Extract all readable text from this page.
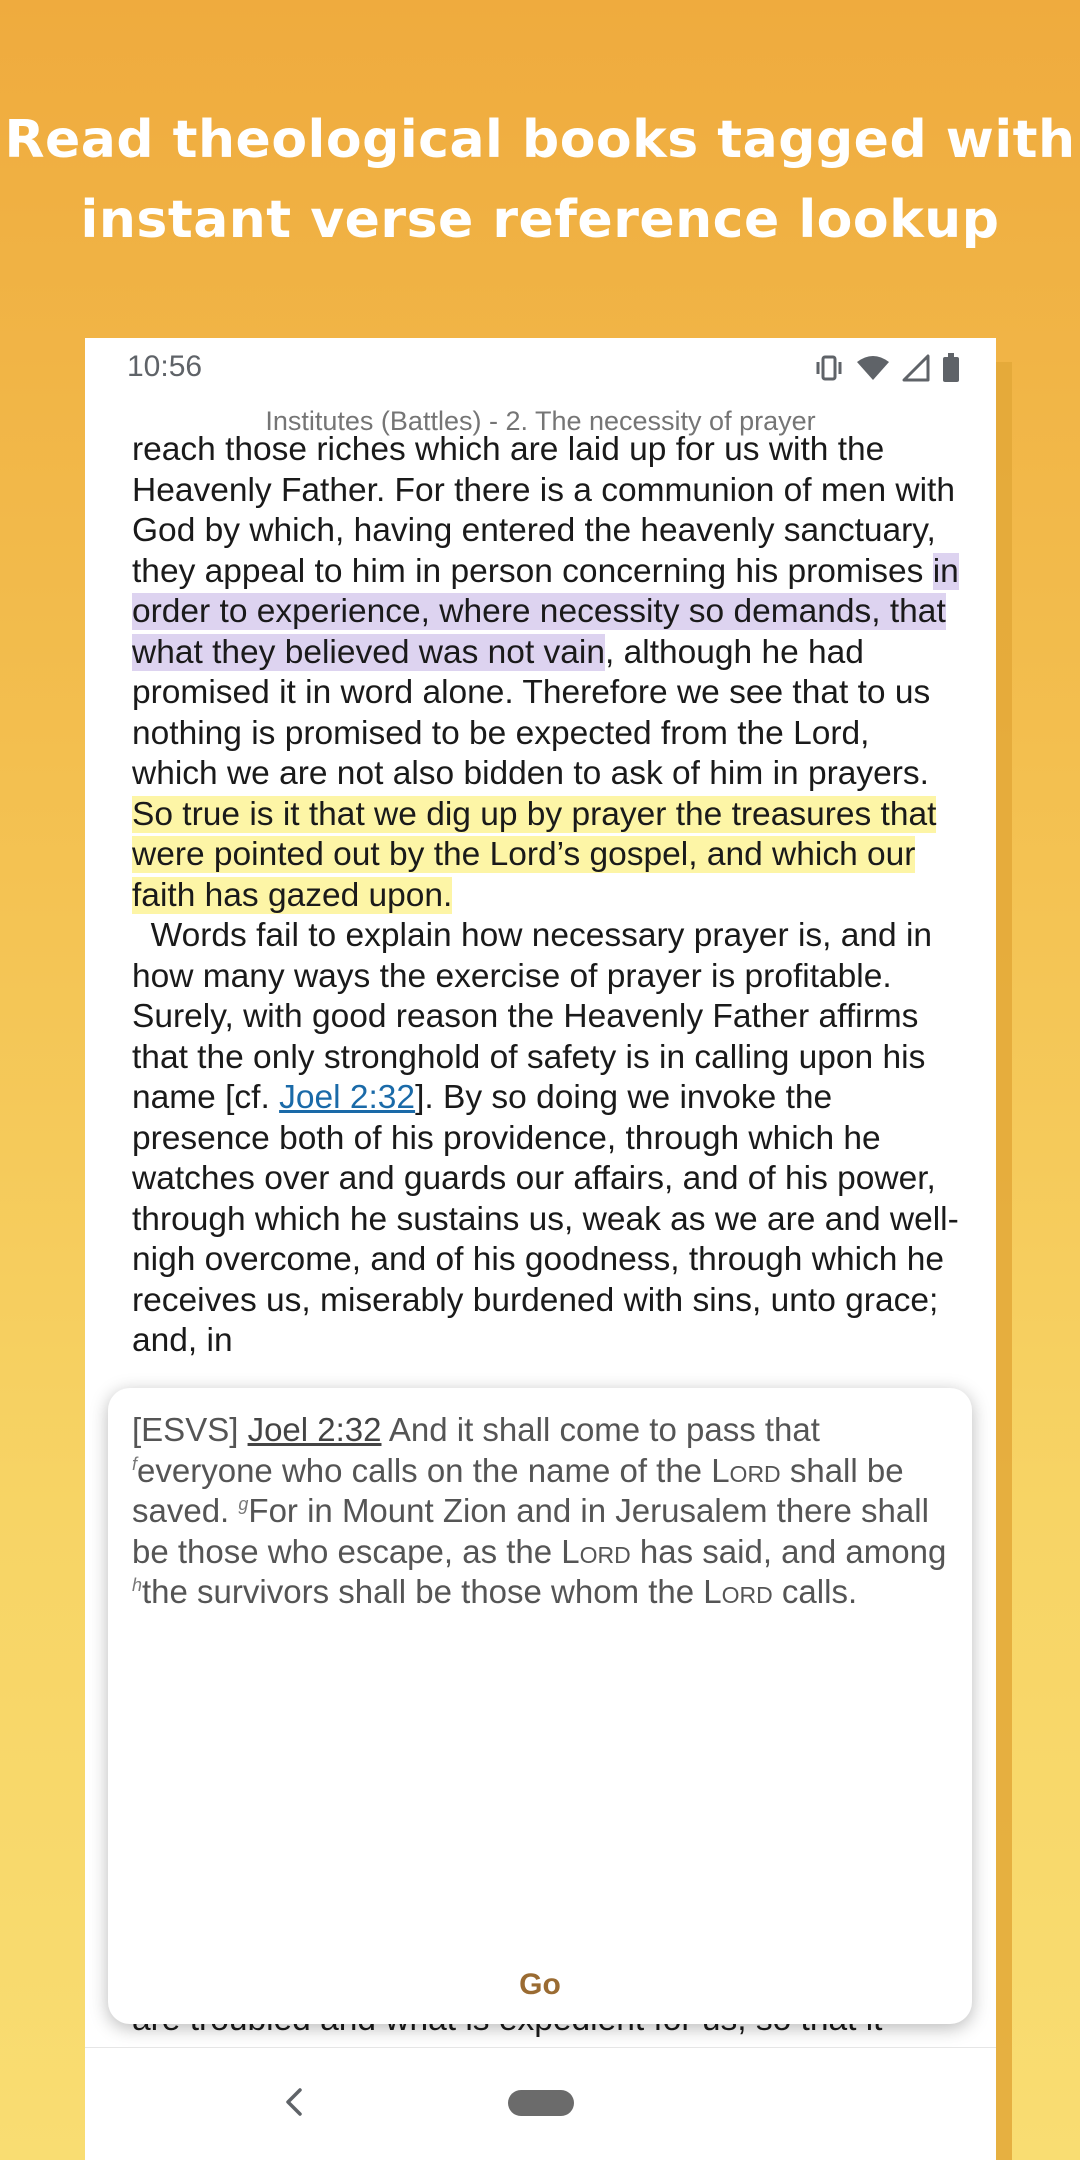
Read theological books tagged with
instant verse reference lookup
10:56
Institutes (Battles) - 2. The necessity of prayer

reach those riches which are laid up for us with the Heavenly Father. For there is a communion of men with God by which, having entered the heavenly sanctuary, they appeal to him in person concerning his promises in order to experience, where necessity so demands, that what they believed was not vain, although he had promised it in word alone. Therefore we see that to us nothing is promised to be expected from the Lord, which we are not also bidden to ask of him in prayers. So true is it that we dig up by prayer the treasures that were pointed out by the Lord’s gospel, and which our faith has gazed upon.

Words fail to explain how necessary prayer is, and in how many ways the exercise of prayer is profitable. Surely, with good reason the Heavenly Father affirms that the only stronghold of safety is in calling upon his name [cf. Joel 2:32]. By so doing we invoke the presence both of his providence, through which he watches over and guards our affairs, and of his power, through which he sustains us, weak as we are and well-nigh overcome, and of his goodness, through which he receives us, miserably burdened with sins, unto grace; and, in

[ESVS] Joel 2:32 And it shall come to pass that $^f$everyone who calls on the name of the Lord shall be saved. $^g$For in Mount Zion and in Jerusalem there shall be those who escape, as the Lord has said, and among $^h$the survivors shall be those whom the Lord calls.
Go
